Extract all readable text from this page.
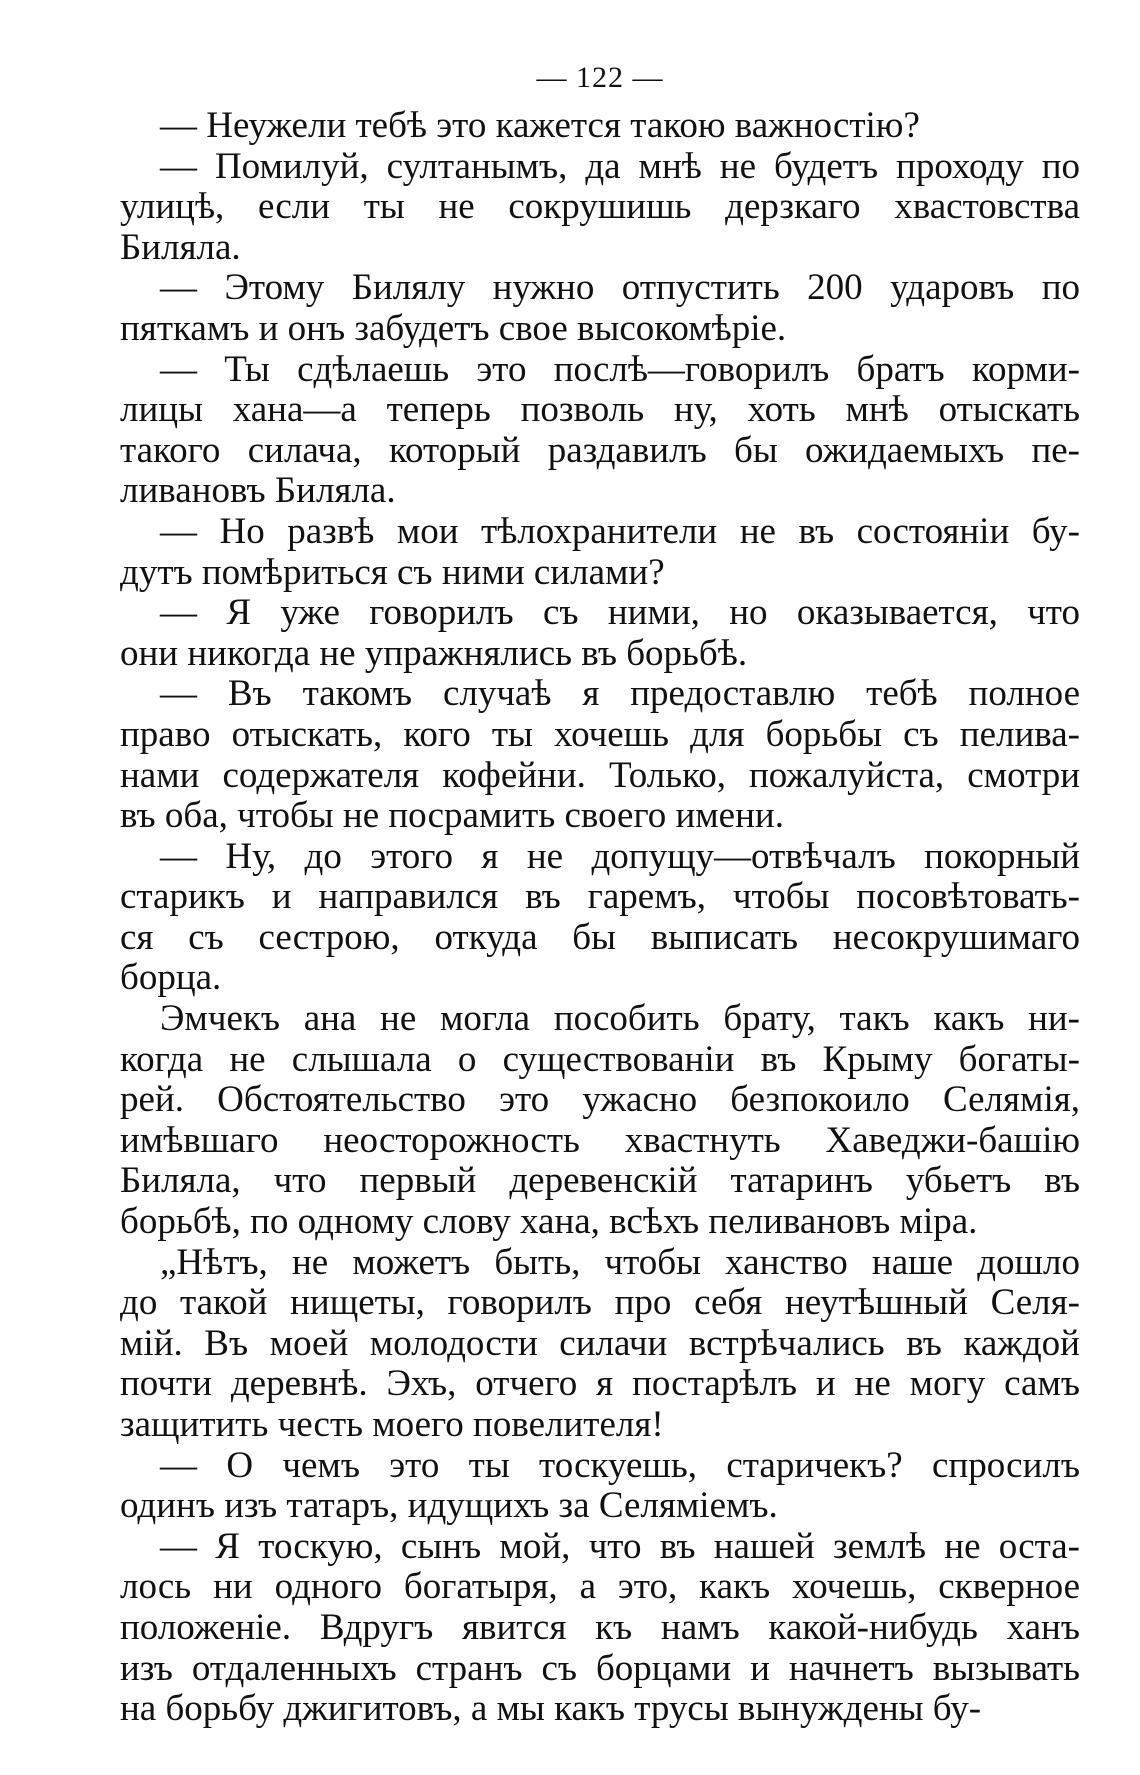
— 122 —
— Неужели тебѣ это кажется такою важностію?
— Помилуй, султанымъ, да мнѣ не будетъ проходу по
улицѣ, если ты не сокрушишь дерзкаго хвастовства
Биляла.
— Этому Билялу нужно отпустить 200 ударовъ по
пяткамъ и онъ забудетъ свое высокомѣріе.
— Ты сдѣлаешь это послѣ—говорилъ братъ корми-
лицы хана—а теперь позволь ну, хоть мнѣ отыскать
такого силача, который раздавилъ бы ожидаемыхъ пе-
ливановъ Биляла.
— Но развѣ мои тѣлохранители не въ состояніи бу-
дутъ помѣриться съ ними силами?
— Я уже говорилъ съ ними, но оказывается, что
они никогда не упражнялись въ борьбѣ.
— Въ такомъ случаѣ я предоставлю тебѣ полное
право отыскать, кого ты хочешь для борьбы съ пелива-
нами содержателя кофейни. Только, пожалуйста, смотри
въ оба, чтобы не посрамить своего имени.
— Ну, до этого я не допущу—отвѣчалъ покорный
старикъ и направился въ гаремъ, чтобы посовѣтовать-
ся съ сестрою, откуда бы выписать несокрушимаго
борца.
Эмчекъ ана не могла пособить брату, такъ какъ ни-
когда не слышала о существованіи въ Крыму богаты-
рей. Обстоятельство это ужасно безпокоило Селямія,
имѣвшаго неосторожность хвастнуть Хаведжи-башію
Биляла, что первый деревенскій татаринъ убьетъ въ
борьбѣ, по одному слову хана, всѣхъ пеливановъ міра.
„Нѣтъ, не можетъ быть, чтобы ханство наше дошло
до такой нищеты, говорилъ про себя неутѣшный Селя-
мій. Въ моей молодости силачи встрѣчались въ каждой
почти деревнѣ. Эхъ, отчего я постарѣлъ и не могу самъ
защитить честь моего повелителя!
— О чемъ это ты тоскуешь, старичекъ? спросилъ
одинъ изъ татаръ, идущихъ за Селяміемъ.
— Я тоскую, сынъ мой, что въ нашей землѣ не оста-
лось ни одного богатыря, а это, какъ хочешь, скверное
положеніе. Вдругъ явится къ намъ какой-нибудь ханъ
изъ отдаленныхъ странъ съ борцами и начнетъ вызывать
на борьбу джигитовъ, а мы какъ трусы вынуждены бу-
